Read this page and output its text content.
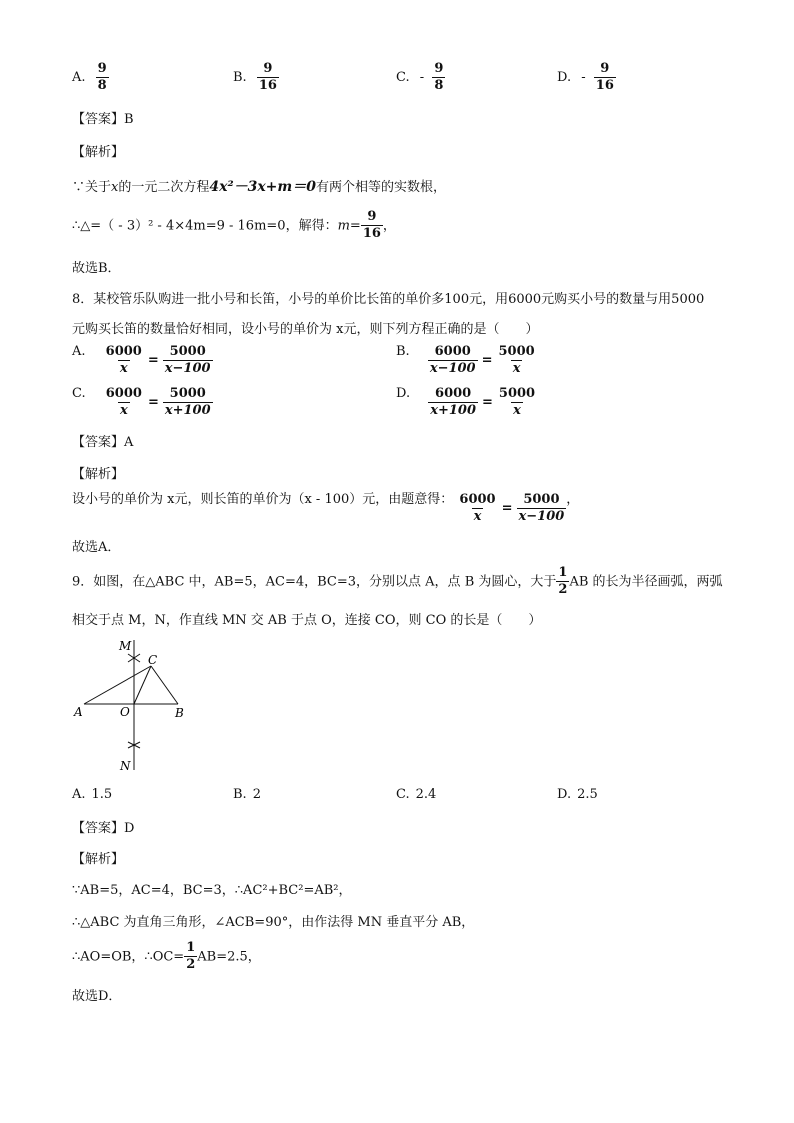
A. $\frac{9}{8}$	B. $\frac{9}{16}$	C. - $\frac{9}{8}$	D. - $\frac{9}{16}$
【答案】B
【解析】
∵关于x的一元二次方程4x²－3x+m＝0有两个相等的实数根，
∴△=（ - 3）² - 4×4m=9 - 16m=0，解得：$m= \frac{9}{16}$ ，
故选B．
8．某校管乐队购进一批小号和长笛，小号的单价比长笛的单价多100元，用6000元购买小号的数量与用5000
元购买长笛的数量恰好相同，设小号的单价为 x元，则下列方程正确的是（　　）
A. $\frac{6000}{x} = \frac{5000}{x-100}$	B. $\frac{6000}{x-100} = \frac{5000}{x}$
C. $\frac{6000}{x} = \frac{5000}{x+100}$	D. $\frac{6000}{x+100} = \frac{5000}{x}$
【答案】A
【解析】
设小号的单价为 x元，则长笛的单价为（x - 100）元，由题意得： $\frac{6000}{x} = \frac{5000}{x-100}$ ，
故选A．
9．如图，在△ABC 中，AB=5，AC=4，BC=3，分别以点 A，点 B 为圆心，大于 $\frac{1}{2}$ AB 的长为半径画弧，两弧
相交于点 M，N，作直线 MN 交 AB 于点 O，连接 CO，则 CO 的长是（　　）
M
C
A	O	B
N
A. 1.5	B. 2	C. 2.4	D. 2.5
【答案】D
【解析】
∵AB=5，AC=4，BC=3，∴AC²+BC²=AB²，
∴△ABC 为直角三角形，∠ACB=90°，由作法得 MN 垂直平分 AB，
∴AO=OB，∴OC= $\frac{1}{2} AB=2.5$，
故选D．
